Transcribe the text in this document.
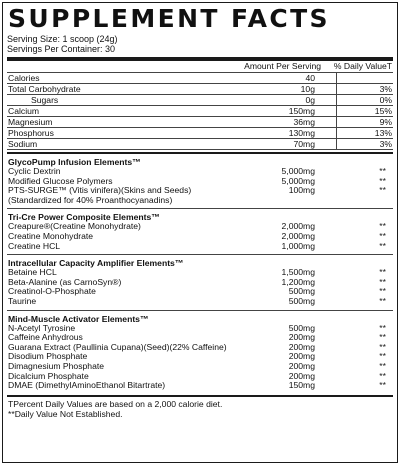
SUPPLEMENT FACTS
Serving Size: 1 scoop (24g)
Servings Per Container: 30
Amount Per Serving % Daily ValueT
Calories	40
Total Carbohydrate	10g	3%
Sugars	0g	0%
Calcium	150mg	15%
Magnesium	36mg	9%
Phosphorus	130mg	13%
Sodium	70mg	3%
GlycoPump Infusion Elements™
Cyclic Dextrin	5,000mg	**
Modified Glucose Polymers	5,000mg	**
PTS-SURGE™ (Vitis vinifera)(Skins and Seeds)	100mg	**
(Standardized for 40% Proanthocyanadins)
Tri-Cre Power Composite Elements™
Creapure®(Creatine Monohydrate)	2,000mg	**
Creatine Monohydrate	2,000mg	**
Creatine HCL	1,000mg	**
Intracellular Capacity Amplifier Elements™
Betaine HCL	1,500mg	**
Beta-Alanine (as CarnoSyn®)	1,200mg	**
Creatinol-O-Phosphate	500mg	**
Taurine	500mg	**
Mind-Muscle Activator Elements™
N-Acetyl Tyrosine	500mg	**
Caffeine Anhydrous	200mg	**
Guarana Extract (Paullinia Cupana)(Seed)(22% Caffeine)	200mg	**
Disodium Phosphate	200mg	**
Dimagnesium Phosphate	200mg	**
Dicalcium Phosphate	200mg	**
DMAE (DimethylAminoEthanol Bitartrate)	150mg	**
TPercent Daily Values are based on a 2,000 calorie diet.
**Daily Value Not Established.
